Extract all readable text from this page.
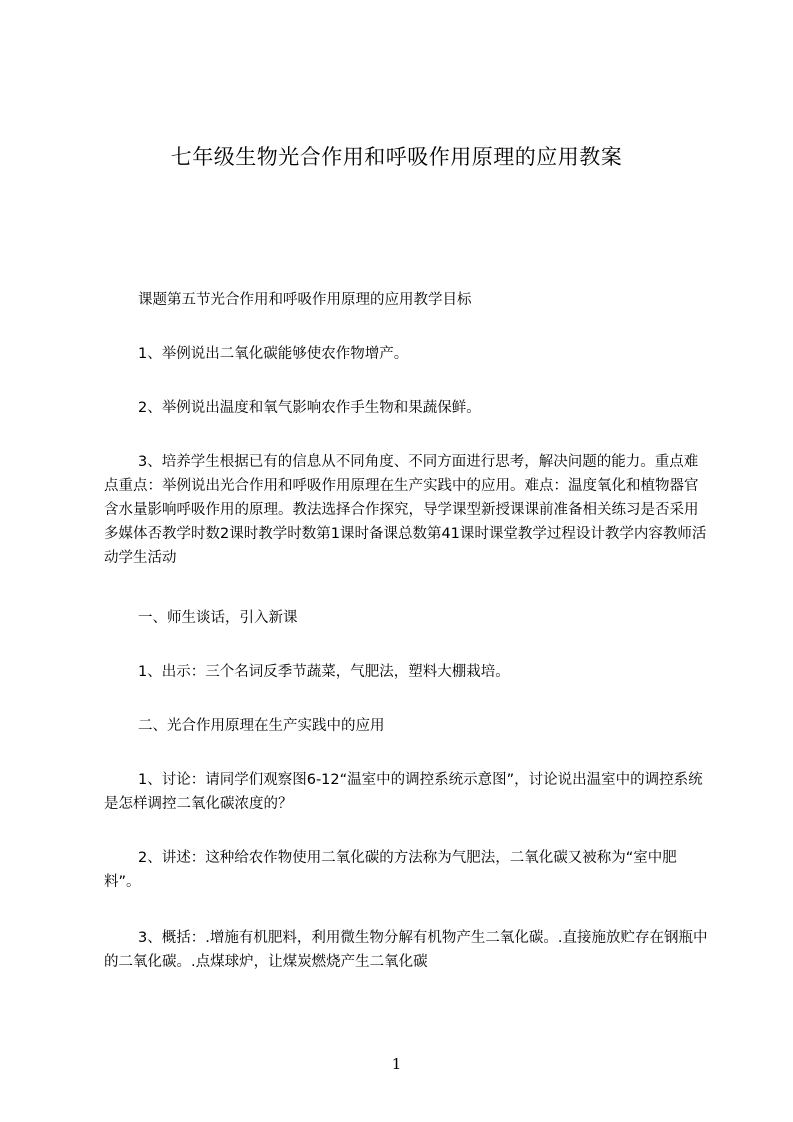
七年级生物光合作用和呼吸作用原理的应用教案

课题第五节光合作用和呼吸作用原理的应用教学目标

1、举例说出二氧化碳能够使农作物增产。

2、举例说出温度和氧气影响农作手生物和果蔬保鲜。

3、培养学生根据已有的信息从不同角度、不同方面进行思考，解决问题的能力。重点难点重点：举例说出光合作用和呼吸作用原理在生产实践中的应用。难点：温度氧化和植物器官含水量影响呼吸作用的原理。教法选择合作探究，导学课型新授课课前准备相关练习是否采用多媒体否教学时数2课时教学时数第1课时备课总数第41课时课堂教学过程设计教学内容教师活动学生活动

一、师生谈话，引入新课

1、出示：三个名词反季节蔬菜，气肥法，塑料大棚栽培。

二、光合作用原理在生产实践中的应用

1、讨论：请同学们观察图6-12“温室中的调控系统示意图”，讨论说出温室中的调控系统是怎样调控二氧化碳浓度的？

2、讲述：这种给农作物使用二氧化碳的方法称为气肥法，二氧化碳又被称为“室中肥料”。

3、概括：.增施有机肥料，利用微生物分解有机物产生二氧化碳。.直接施放贮存在钢瓶中的二氧化碳。.点煤球炉，让煤炭燃烧产生二氧化碳

1
